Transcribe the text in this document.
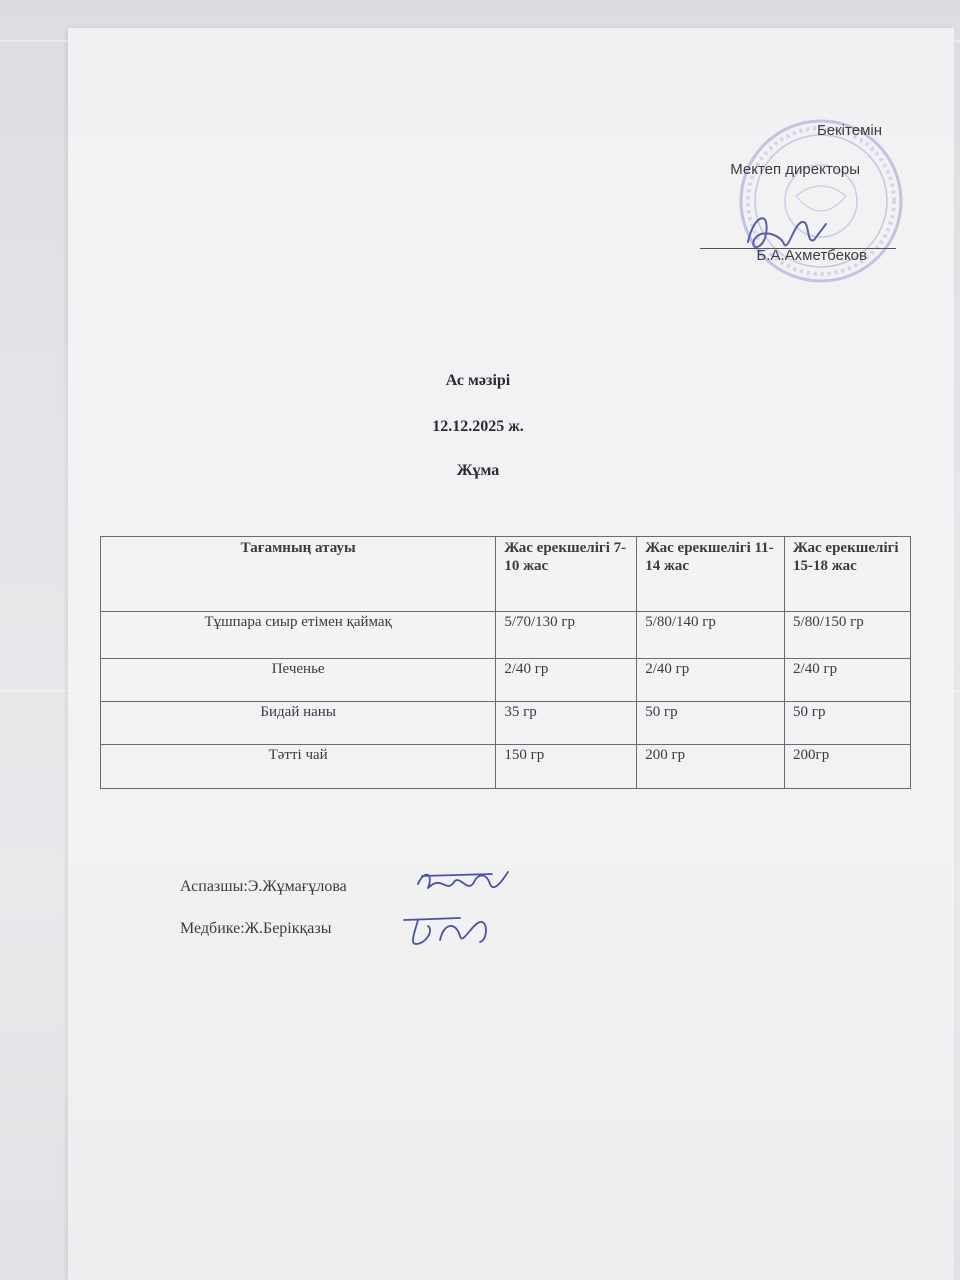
Бекітемін
Мектеп директоры
Б.А.Ахметбеков
Ас мәзірі
12.12.2025 ж.
Жұма
Тағамның атауы	Жас ерекшелігі 7-10 жас	Жас ерекшелігі 11-14 жас	Жас ерекшелігі 15-18 жас
Тұшпара сиыр етімен қаймақ	5/70/130 гр	5/80/140 гр	5/80/150 гр
Печенье	2/40 гр	2/40 гр	2/40 гр
Бидай наны	35 гр	50 гр	50 гр
Тәтті чай	150 гр	200 гр	200гр
Аспазшы:Э.Жұмағұлова
Медбике:Ж.Берікқазы
